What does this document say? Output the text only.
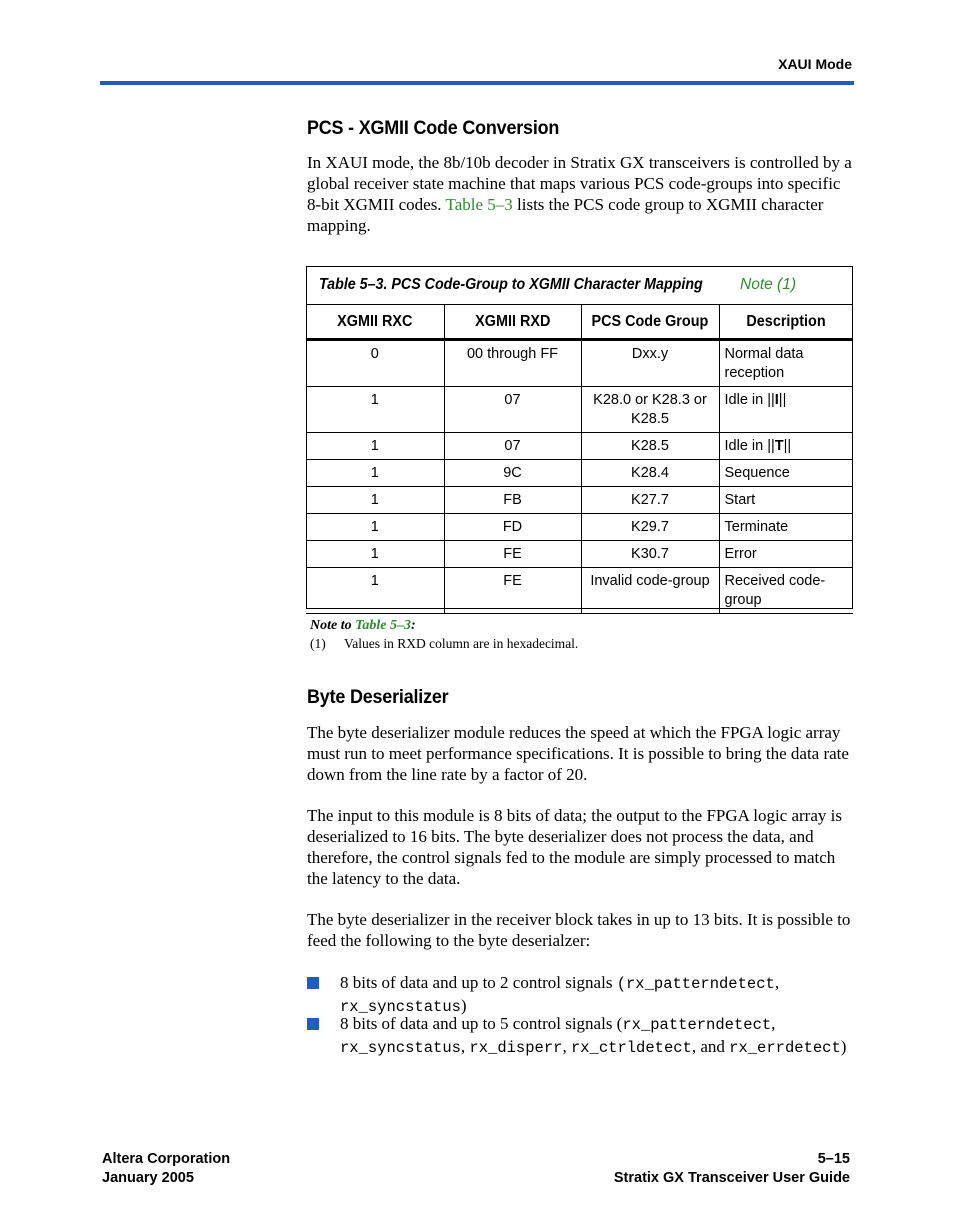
XAUI Mode
PCS - XGMII Code Conversion

In XAUI mode, the 8b/10b decoder in Stratix GX transceivers is controlled by a global receiver state machine that maps various PCS code-groups into specific 8-bit XGMII codes. Table 5–3 lists the PCS code group to XGMII character mapping.

Table 5–3. PCS Code-Group to XGMII Character Mapping Note (1)
XGMII RXC	XGMII RXD	PCS Code Group	Description
0	00 through FF	Dxx.y	Normal data reception
1	07	K28.0 or K28.3 or K28.5	Idle in ||I||
1	07	K28.5	Idle in ||T||
1	9C	K28.4	Sequence
1	FB	K27.7	Start
1	FD	K29.7	Terminate
1	FE	K30.7	Error
1	FE	Invalid code-group	Received code-group
Note to Table 5–3:
(1) Values in RXD column are in hexadecimal.
Byte Deserializer

The byte deserializer module reduces the speed at which the FPGA logic array must run to meet performance specifications. It is possible to bring the data rate down from the line rate by a factor of 20.

The input to this module is 8 bits of data; the output to the FPGA logic array is deserialized to 16 bits. The byte deserializer does not process the data, and therefore, the control signals fed to the module are simply processed to match the latency to the data.

The byte deserializer in the receiver block takes in up to 13 bits. It is possible to feed the following to the byte deserialzer:

8 bits of data and up to 2 control signals (rx_patterndetect, rx_syncstatus)

8 bits of data and up to 5 control signals (rx_patterndetect, rx_syncstatus, rx_disperr, rx_ctrldetect, and rx_errdetect)

Altera Corporation
January 2005
5–15
Stratix GX Transceiver User Guide
